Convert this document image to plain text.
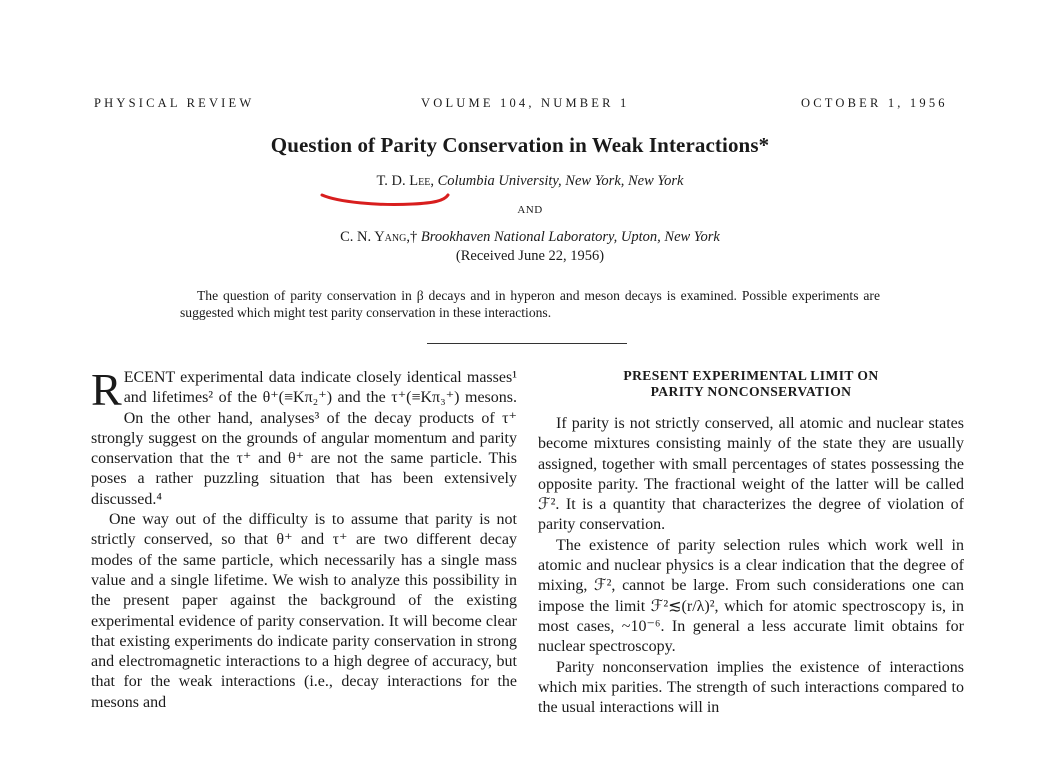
PHYSICAL REVIEW	VOLUME 104, NUMBER 1	OCTOBER 1, 1956
Question of Parity Conservation in Weak Interactions*
T. D. Lee, Columbia University, New York, New York
AND
C. N. Yang,† Brookhaven National Laboratory, Upton, New York
(Received June 22, 1956)
The question of parity conservation in β decays and in hyperon and meson decays is examined. Possible experiments are suggested which might test parity conservation in these interactions.

RECENT experimental data indicate closely identical masses¹ and lifetimes² of the θ⁺(≡Kπ₂⁺) and the τ⁺(≡Kπ₃⁺) mesons. On the other hand, analyses³ of the decay products of τ⁺ strongly suggest on the grounds of angular momentum and parity conservation that the τ⁺ and θ⁺ are not the same particle. This poses a rather puzzling situation that has been extensively discussed.⁴

One way out of the difficulty is to assume that parity is not strictly conserved, so that θ⁺ and τ⁺ are two different decay modes of the same particle, which necessarily has a single mass value and a single lifetime. We wish to analyze this possibility in the present paper against the background of the existing experimental evidence of parity conservation. It will become clear that existing experiments do indicate parity conservation in strong and electromagnetic interactions to a high degree of accuracy, but that for the weak interactions (i.e., decay interactions for the mesons and

PRESENT EXPERIMENTAL LIMIT ON
PARITY NONCONSERVATION

If parity is not strictly conserved, all atomic and nuclear states become mixtures consisting mainly of the state they are usually assigned, together with small percentages of states possessing the opposite parity. The fractional weight of the latter will be called ℱ². It is a quantity that characterizes the degree of violation of parity conservation.

The existence of parity selection rules which work well in atomic and nuclear physics is a clear indication that the degree of mixing, ℱ², cannot be large. From such considerations one can impose the limit ℱ²≲(r/λ)², which for atomic spectroscopy is, in most cases, ~10⁻⁶. In general a less accurate limit obtains for nuclear spectroscopy.

Parity nonconservation implies the existence of interactions which mix parities. The strength of such interactions compared to the usual interactions will in
